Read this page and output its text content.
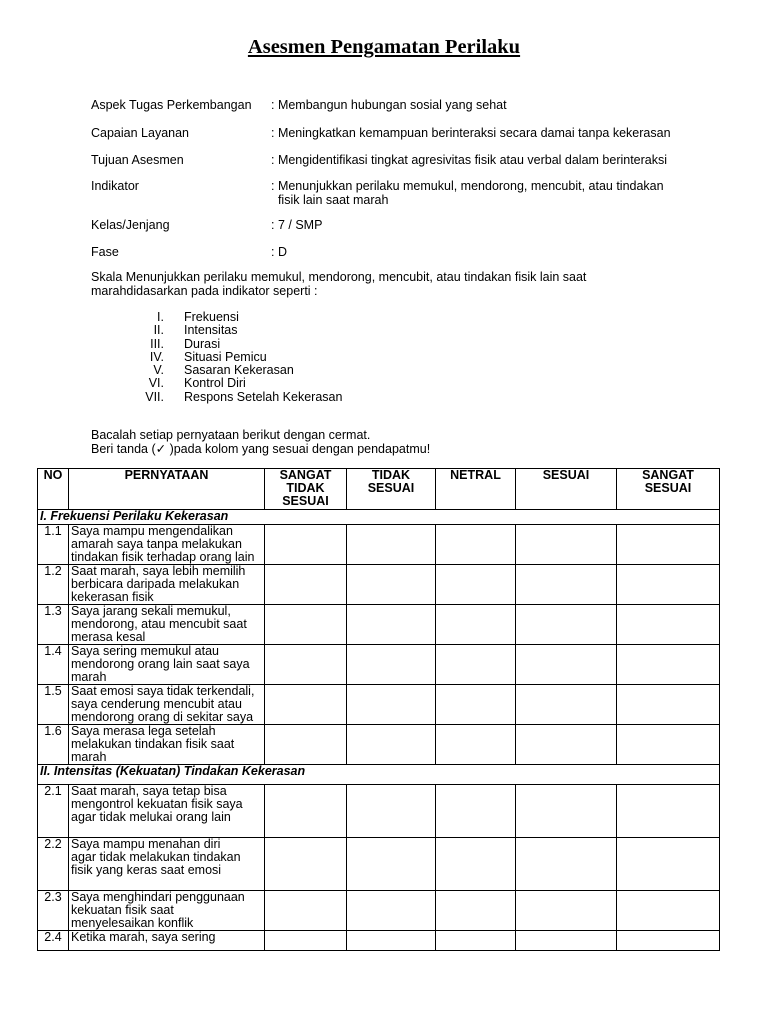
Asesmen Pengamatan Perilaku
Aspek Tugas Perkembangan : Membangun hubungan sosial yang sehat
Capaian Layanan	: Meningkatkan kemampuan berinteraksi secara damai tanpa kekerasan
Tujuan Asesmen	: Mengidentifikasi tingkat agresivitas fisik atau verbal dalam berinteraksi
Indikator	: Menunjukkan perilaku memukul, mendorong, mencubit, atau tindakan
fisik lain saat marah
Kelas/Jenjang	: 7 / SMP
Fase	: D
Skala Menunjukkan perilaku memukul, mendorong, mencubit, atau tindakan fisik lain saat marahdidasarkan pada indikator seperti :
I. Frekuensi
II. Intensitas
III. Durasi
IV. Situasi Pemicu
V. Sasaran Kekerasan
VI. Kontrol Diri
VII. Respons Setelah Kekerasan
Bacalah setiap pernyataan berikut dengan cermat.
Beri tanda (✓ )pada kolom yang sesuai dengan pendapatmu!
NO	PERNYATAAN	SANGAT TIDAK SESUAI	TIDAK SESUAI	NETRAL	SESUAI	SANGAT SESUAI
I. Frekuensi Perilaku Kekerasan						
1.1	Saya mampu mengendalikan amarah saya tanpa melakukan tindakan fisik terhadap orang lain					
1.2	Saat marah, saya lebih memilih berbicara daripada melakukan kekerasan fisik					
1.3	Saya jarang sekali memukul, mendorong, atau mencubit saat merasa kesal					
1.4	Saya sering memukul atau mendorong orang lain saat saya marah					
1.5	Saat emosi saya tidak terkendali, saya cenderung mencubit atau mendorong orang di sekitar saya					
1.6	Saya merasa lega setelah melakukan tindakan fisik saat marah					
II. Intensitas (Kekuatan) Tindakan Kekerasan						
2.1	Saat marah, saya tetap bisa mengontrol kekuatan fisik saya agar tidak melukai orang lain					
2.2	Saya mampu menahan diri agar tidak melakukan tindakan fisik yang keras saat emosi					
2.3	Saya menghindari penggunaan kekuatan fisik saat menyelesaikan konflik					
2.4	Ketika marah, saya sering					
